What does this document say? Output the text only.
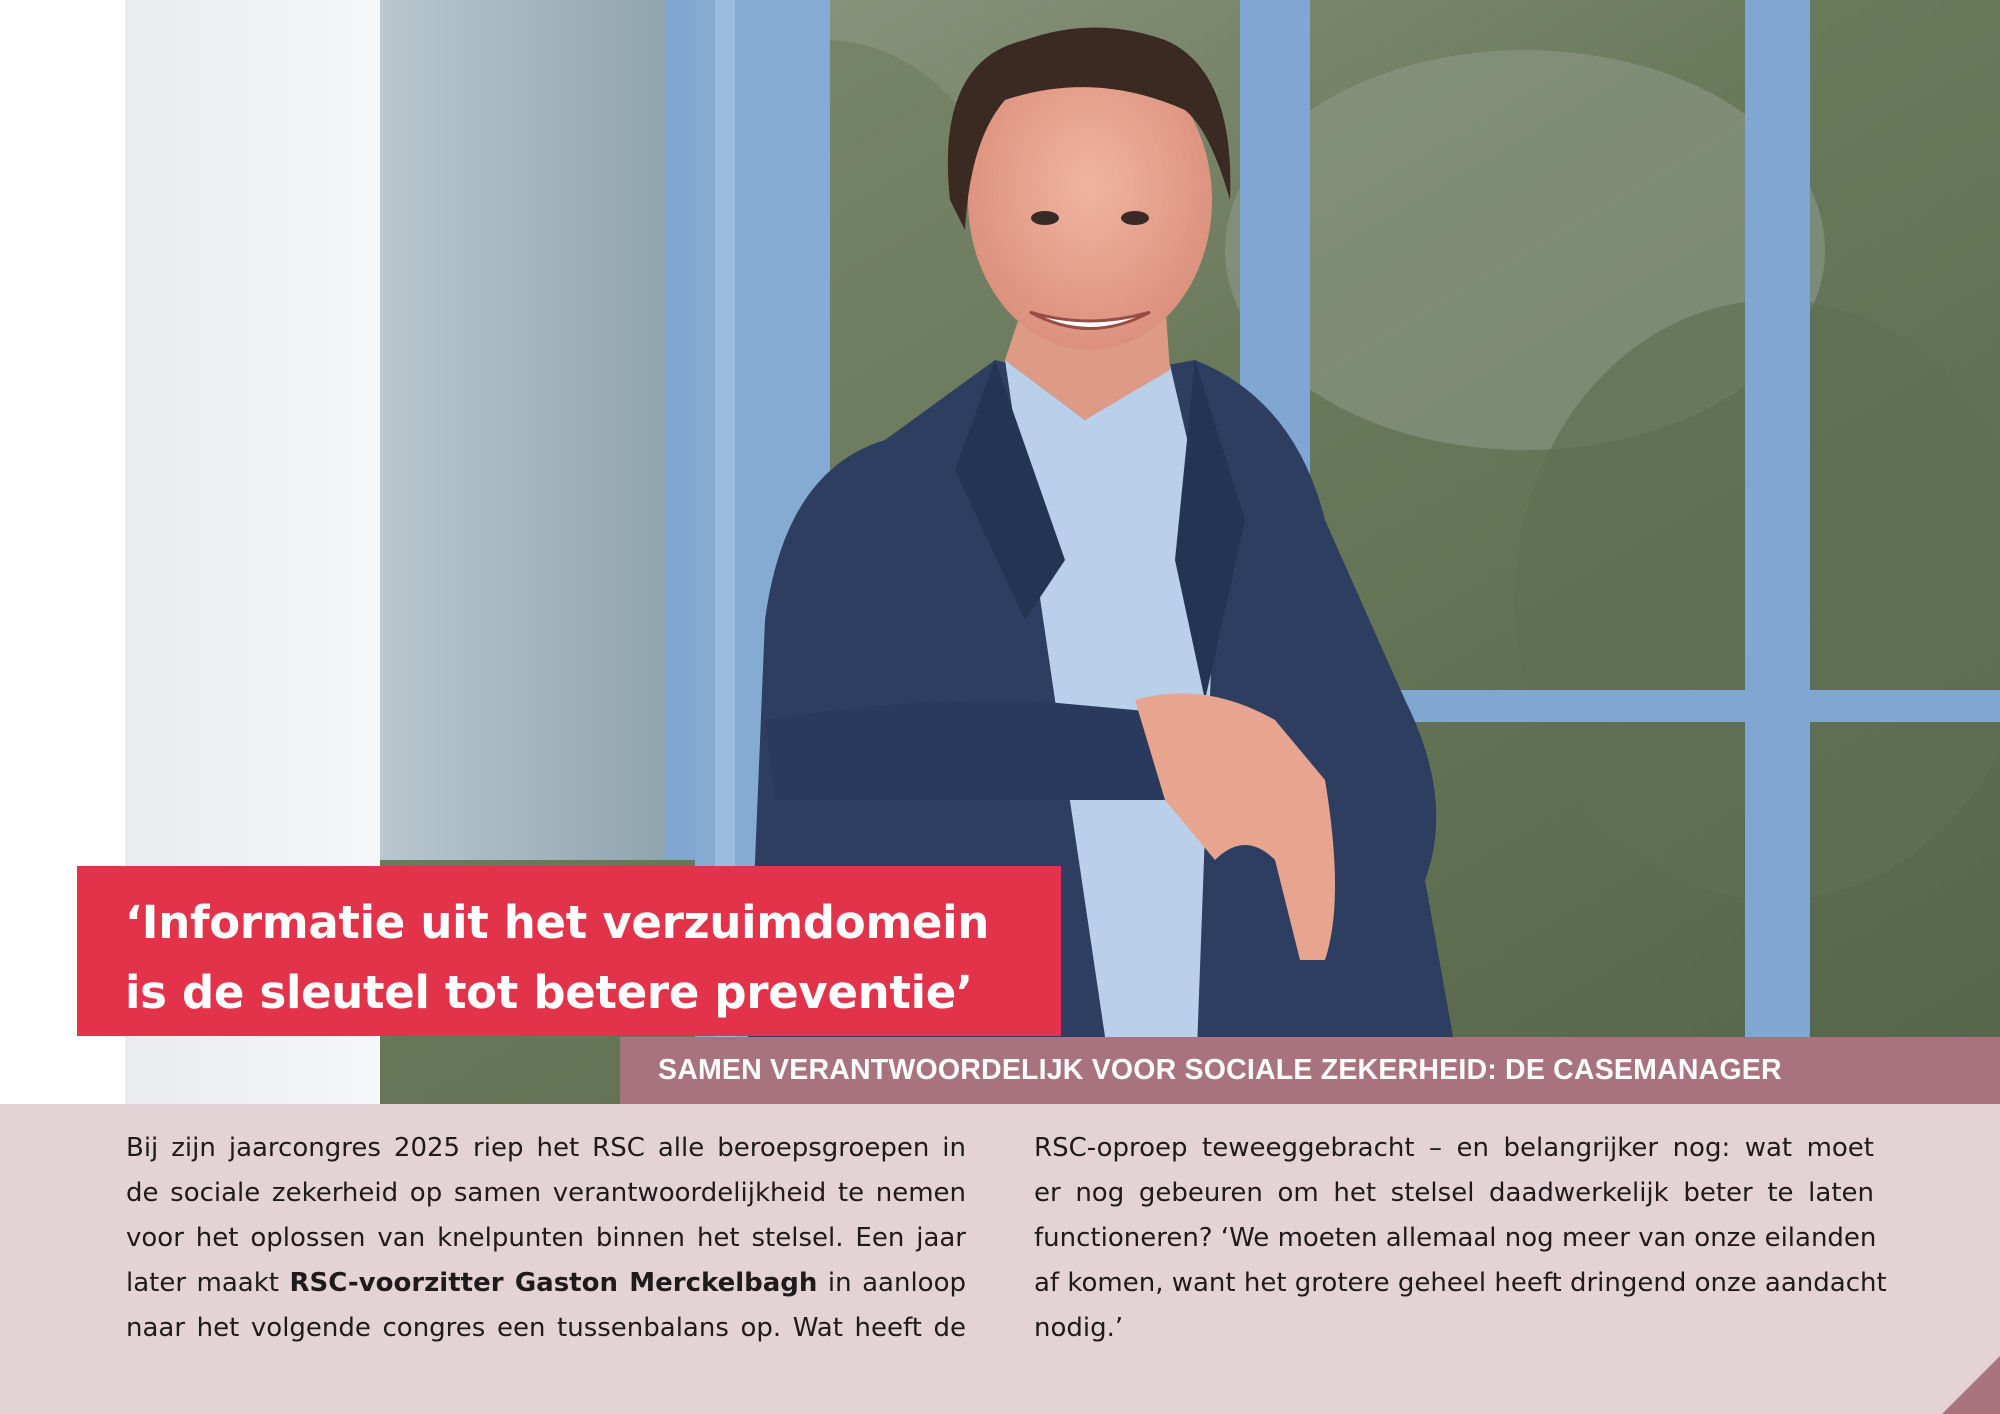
‘Informatie uit het verzuimdomein
is de sleutel tot betere preventie’
SAMEN VERANTWOORDELIJK VOOR SOCIALE ZEKERHEID: DE CASEMANAGER
Bij zijn jaarcongres 2025 riep het RSC alle beroepsgroepen in
de sociale zekerheid op samen verantwoordelijkheid te nemen
voor het oplossen van knelpunten binnen het stelsel. Een jaar
later maakt RSC-voorzitter Gaston Merckelbagh in aanloop
naar het volgende congres een tussenbalans op. Wat heeft de
RSC-oproep teweeggebracht – en belangrijker nog: wat moet
er nog gebeuren om het stelsel daadwerkelijk beter te laten
functioneren? ‘We moeten allemaal nog meer van onze eilanden
af komen, want het grotere geheel heeft dringend onze aandacht
nodig.’
